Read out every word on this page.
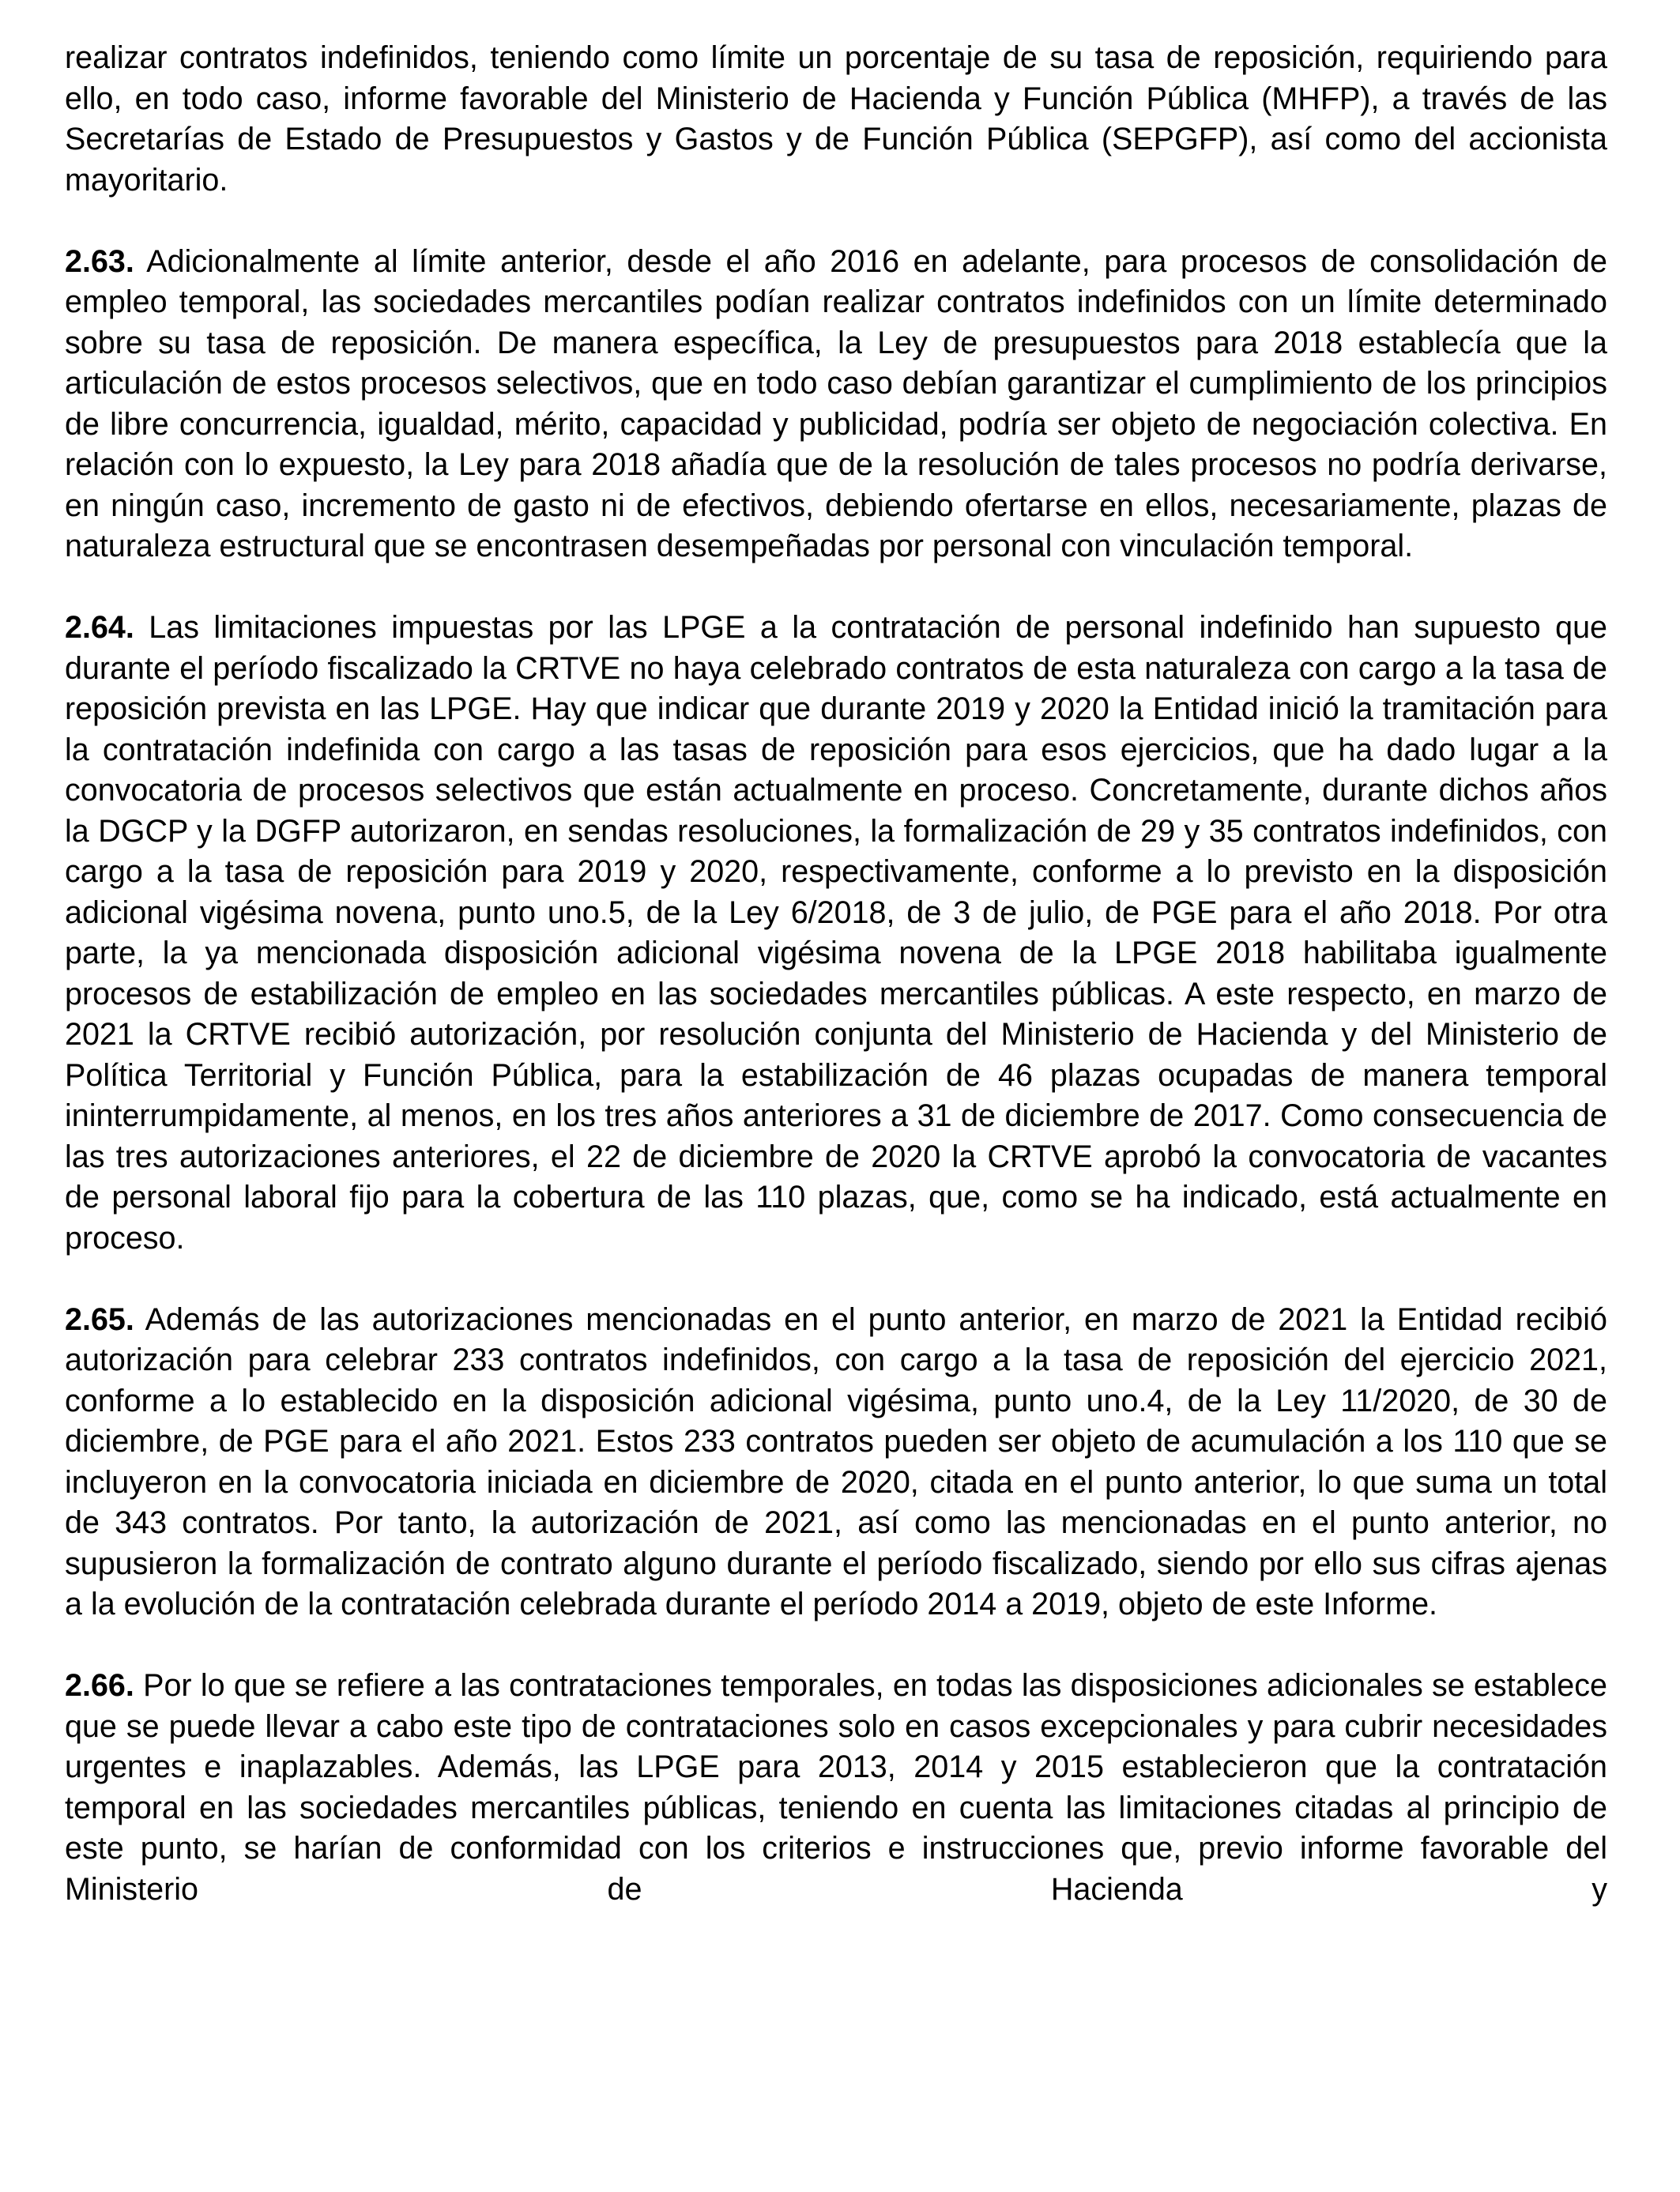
realizar contratos indefinidos, teniendo como límite un porcentaje de su tasa de reposición, requiriendo para ello, en todo caso, informe favorable del Ministerio de Hacienda y Función Pública (MHFP), a través de las Secretarías de Estado de Presupuestos y Gastos y de Función Pública (SEPGFP), así como del accionista mayoritario.

2.63. Adicionalmente al límite anterior, desde el año 2016 en adelante, para procesos de consolidación de empleo temporal, las sociedades mercantiles podían realizar contratos indefinidos con un límite determinado sobre su tasa de reposición. De manera específica, la Ley de presupuestos para 2018 establecía que la articulación de estos procesos selectivos, que en todo caso debían garantizar el cumplimiento de los principios de libre concurrencia, igualdad, mérito, capacidad y publicidad, podría ser objeto de negociación colectiva. En relación con lo expuesto, la Ley para 2018 añadía que de la resolución de tales procesos no podría derivarse, en ningún caso, incremento de gasto ni de efectivos, debiendo ofertarse en ellos, necesariamente, plazas de naturaleza estructural que se encontrasen desempeñadas por personal con vinculación temporal.

2.64. Las limitaciones impuestas por las LPGE a la contratación de personal indefinido han supuesto que durante el período fiscalizado la CRTVE no haya celebrado contratos de esta naturaleza con cargo a la tasa de reposición prevista en las LPGE. Hay que indicar que durante 2019 y 2020 la Entidad inició la tramitación para la contratación indefinida con cargo a las tasas de reposición para esos ejercicios, que ha dado lugar a la convocatoria de procesos selectivos que están actualmente en proceso. Concretamente, durante dichos años la DGCP y la DGFP autorizaron, en sendas resoluciones, la formalización de 29 y 35 contratos indefinidos, con cargo a la tasa de reposición para 2019 y 2020, respectivamente, conforme a lo previsto en la disposición adicional vigésima novena, punto uno.5, de la Ley 6/2018, de 3 de julio, de PGE para el año 2018. Por otra parte, la ya mencionada disposición adicional vigésima novena de la LPGE 2018 habilitaba igualmente procesos de estabilización de empleo en las sociedades mercantiles públicas. A este respecto, en marzo de 2021 la CRTVE recibió autorización, por resolución conjunta del Ministerio de Hacienda y del Ministerio de Política Territorial y Función Pública, para la estabilización de 46 plazas ocupadas de manera temporal ininterrumpidamente, al menos, en los tres años anteriores a 31 de diciembre de 2017. Como consecuencia de las tres autorizaciones anteriores, el 22 de diciembre de 2020 la CRTVE aprobó la convocatoria de vacantes de personal laboral fijo para la cobertura de las 110 plazas, que, como se ha indicado, está actualmente en proceso.

2.65. Además de las autorizaciones mencionadas en el punto anterior, en marzo de 2021 la Entidad recibió autorización para celebrar 233 contratos indefinidos, con cargo a la tasa de reposición del ejercicio 2021, conforme a lo establecido en la disposición adicional vigésima, punto uno.4, de la Ley 11/2020, de 30 de diciembre, de PGE para el año 2021. Estos 233 contratos pueden ser objeto de acumulación a los 110 que se incluyeron en la convocatoria iniciada en diciembre de 2020, citada en el punto anterior, lo que suma un total de 343 contratos. Por tanto, la autorización de 2021, así como las mencionadas en el punto anterior, no supusieron la formalización de contrato alguno durante el período fiscalizado, siendo por ello sus cifras ajenas a la evolución de la contratación celebrada durante el período 2014 a 2019, objeto de este Informe.

2.66. Por lo que se refiere a las contrataciones temporales, en todas las disposiciones adicionales se establece que se puede llevar a cabo este tipo de contrataciones solo en casos excepcionales y para cubrir necesidades urgentes e inaplazables. Además, las LPGE para 2013, 2014 y 2015 establecieron que la contratación temporal en las sociedades mercantiles públicas, teniendo en cuenta las limitaciones citadas al principio de este punto, se harían de conformidad con los criterios e instrucciones que, previo informe favorable del Ministerio de Hacienda y
